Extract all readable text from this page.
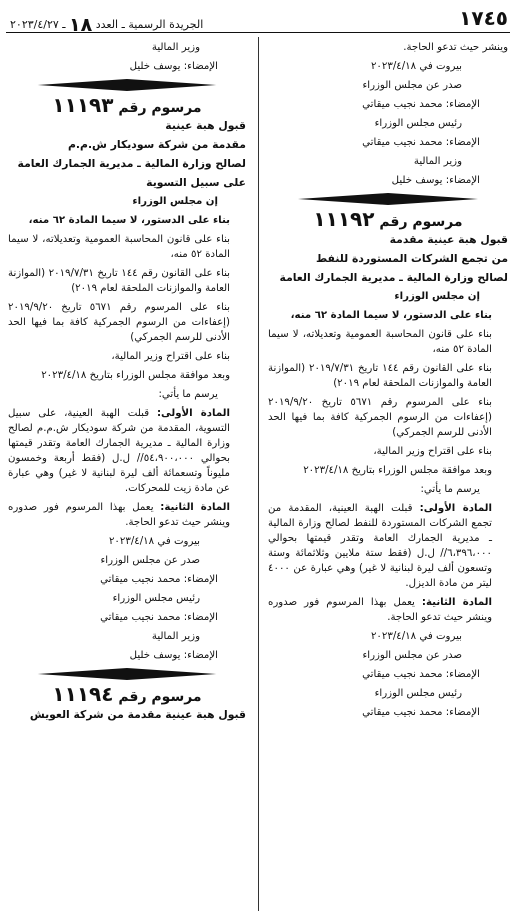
١٧٤٥
الجريدة الرسمية ـ العدد ١٨ ـ ٢٠٢٣/٤/٢٧

وينشر حيث تدعو الحاجة.

بيروت في ٢٠٢٣/٤/١٨

صدر عن مجلس الوزراء

الإمضاء: محمد نجيب ميقاتي

رئيس مجلس الوزراء

الإمضاء: محمد نجيب ميقاتي

وزير المالية

الإمضاء: يوسف خليل

مرسوم رقم ١١١٩٢

قبول هبة عينية مقدمة

من تجمع الشركات المستوردة للنفط

لصالح وزارة المالية ـ مديرية الجمارك العامة

إن مجلس الوزراء

بناء على الدستور، لا سيما المادة ٦٢ منه،

بناء على قانون المحاسبة العمومية وتعديلاته، لا سيما المادة ٥٢ منه،

بناء على القانون رقم ١٤٤ تاريخ ٢٠١٩/٧/٣١ (الموازنة العامة والموازنات الملحقة لعام ٢٠١٩)

بناء على المرسوم رقم ٥٦٧١ تاريخ ٢٠١٩/٩/٢٠ (إعفاءات من الرسوم الجمركية كافة بما فيها الحد الأدنى للرسم الجمركي)

بناء على اقتراح وزير المالية،

وبعد موافقة مجلس الوزراء بتاريخ ٢٠٢٣/٤/١٨

يرسم ما يأتي:

المادة الأولى: قبلت الهبة العينية، المقدمة من تجمع الشركات المستوردة للنفط لصالح وزارة المالية ـ مديرية الجمارك العامة وتقدر قيمتها بحوالي ٦،٣٩٦،٠٠٠// ل.ل (فقط ستة ملايين وثلاثمائة وستة وتسعون ألف ليرة لبنانية لا غير) وهي عبارة عن ٤٠٠٠ ليتر من مادة الديزل.

المادة الثانية: يعمل بهذا المرسوم فور صدوره وينشر حيث تدعو الحاجة.

بيروت في ٢٠٢٣/٤/١٨

صدر عن مجلس الوزراء

الإمضاء: محمد نجيب ميقاتي

رئيس مجلس الوزراء

الإمضاء: محمد نجيب ميقاتي

وزير المالية

الإمضاء: يوسف خليل

مرسوم رقم ١١١٩٣

قبول هبة عينية

مقدمة من شركة سوديكار ش.م.م

لصالح وزارة المالية ـ مديرية الجمارك العامة

على سبيل التسوية

إن مجلس الوزراء

بناء على الدستور، لا سيما المادة ٦٢ منه،

بناء على قانون المحاسبة العمومية وتعديلاته، لا سيما المادة ٥٢ منه،

بناء على القانون رقم ١٤٤ تاريخ ٢٠١٩/٧/٣١ (الموازنة العامة والموازنات الملحقة لعام ٢٠١٩)

بناء على المرسوم رقم ٥٦٧١ تاريخ ٢٠١٩/٩/٢٠ (إعفاءات من الرسوم الجمركية كافة بما فيها الحد الأدنى للرسم الجمركي)

بناء على اقتراح وزير المالية،

وبعد موافقة مجلس الوزراء بتاريخ ٢٠٢٣/٤/١٨

يرسم ما يأتي:

المادة الأولى: قبلت الهبة العينية، على سبيل التسوية، المقدمة من شركة سوديكار ش.م.م لصالح وزارة المالية ـ مديرية الجمارك العامة وتقدر قيمتها بحوالي ٥٤،٩٠٠،٠٠٠// ل.ل (فقط أربعة وخمسون مليوناً وتسعمائة ألف ليرة لبنانية لا غير) وهي عبارة عن مادة زيت للمحركات.

المادة الثانية: يعمل بهذا المرسوم فور صدوره وينشر حيث تدعو الحاجة.

بيروت في ٢٠٢٣/٤/١٨

صدر عن مجلس الوزراء

الإمضاء: محمد نجيب ميقاتي

رئيس مجلس الوزراء

الإمضاء: محمد نجيب ميقاتي

وزير المالية

الإمضاء: يوسف خليل

مرسوم رقم ١١١٩٤

قبول هبة عينية مقدمة من شركة العويش
